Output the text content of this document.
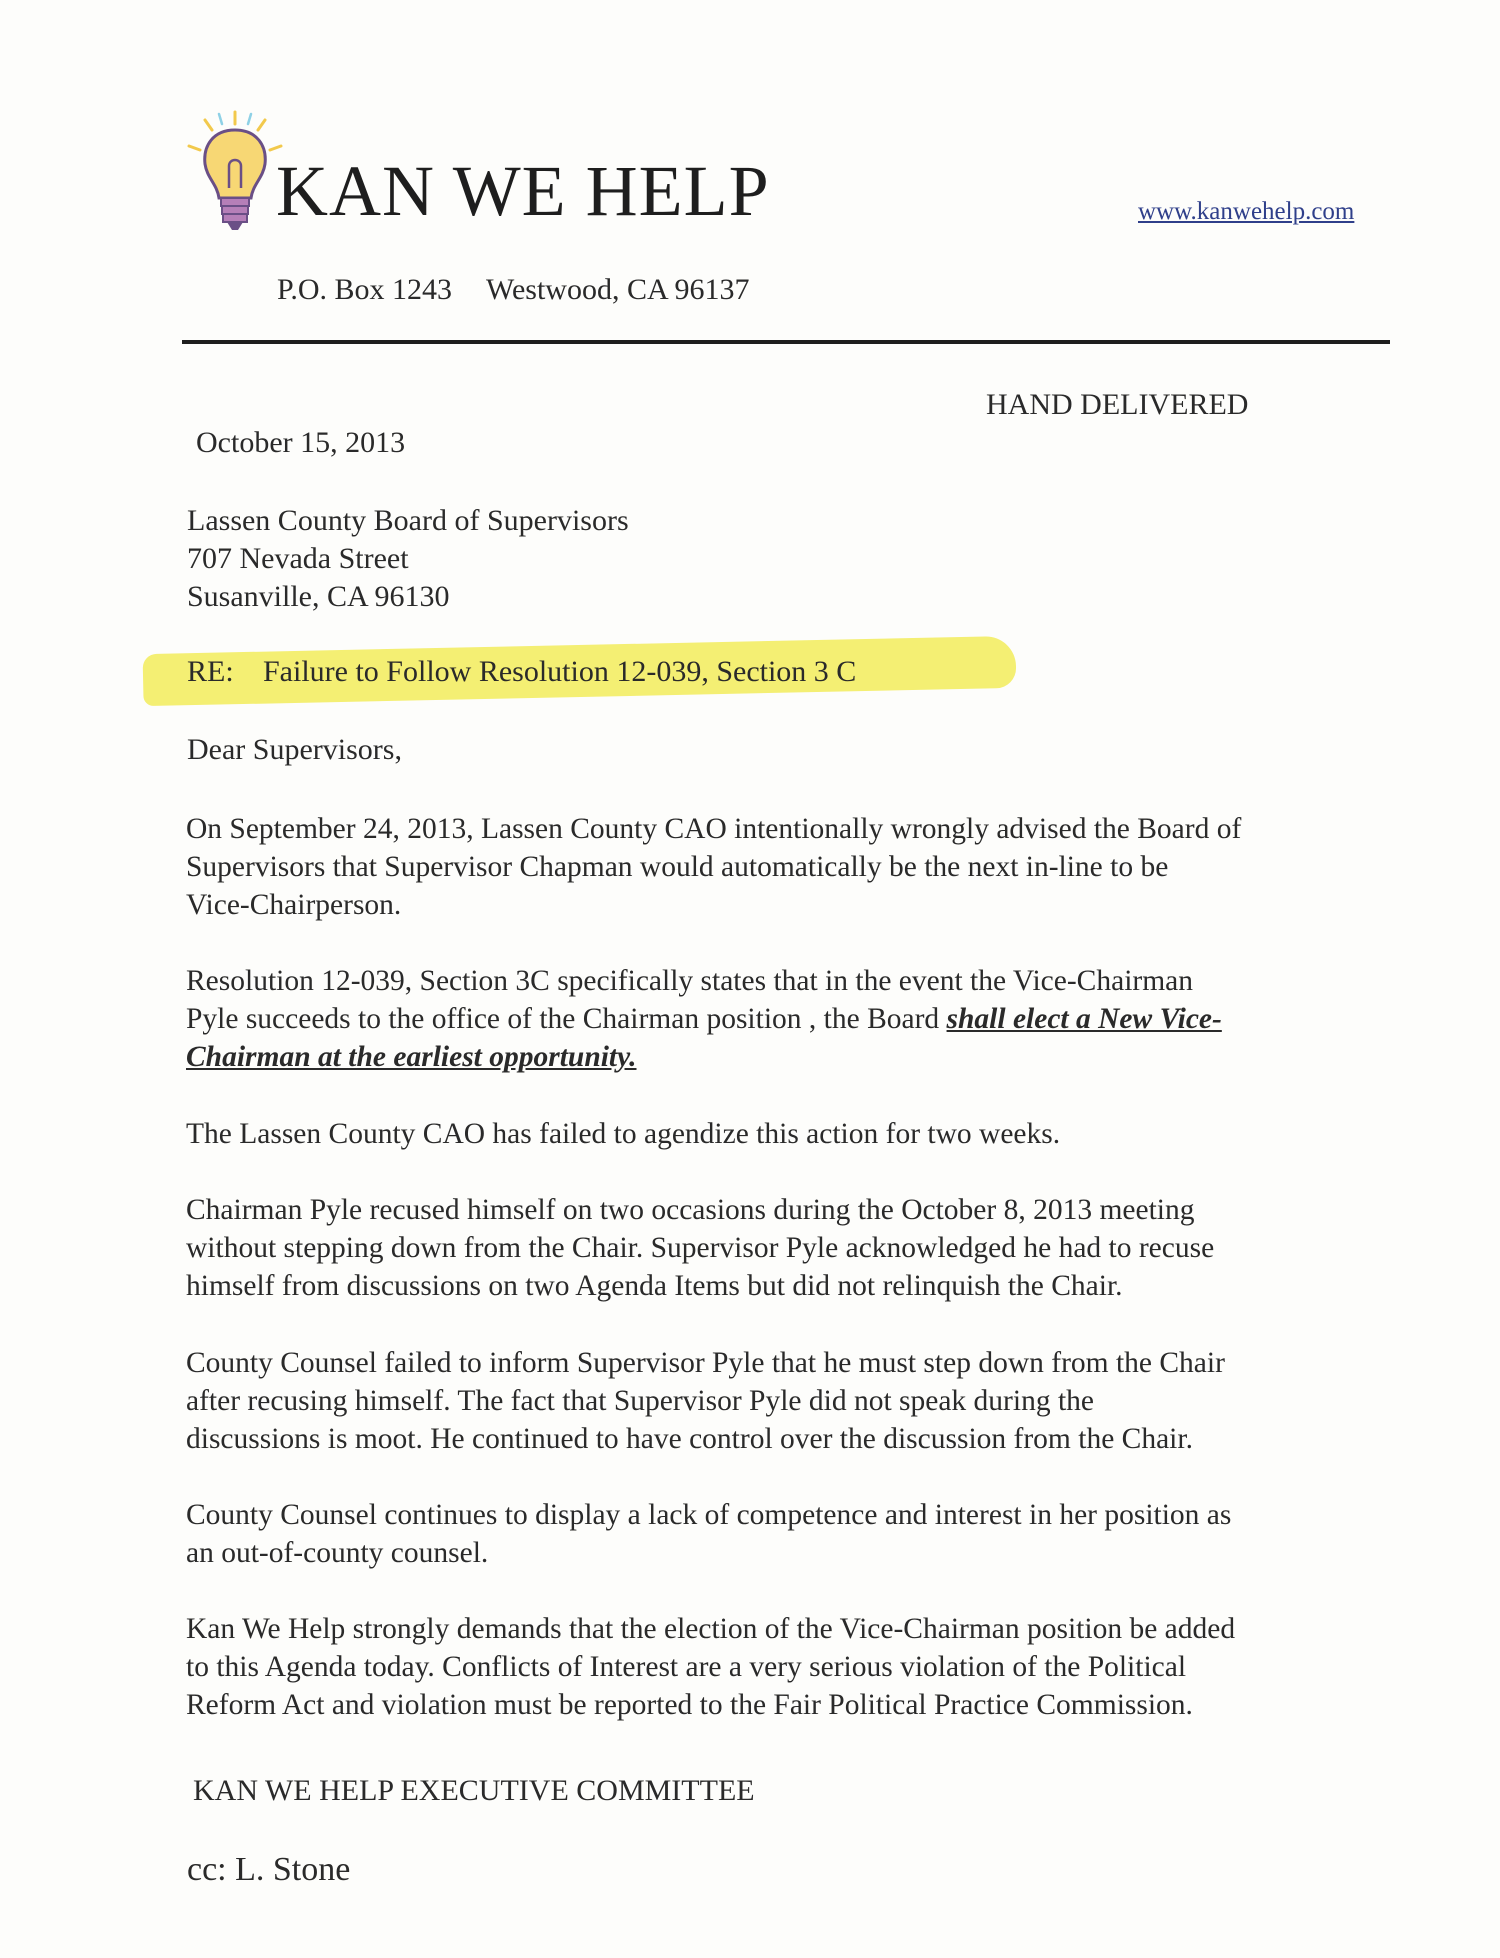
KAN WE HELP	www.kanwehelp.com
P.O. Box 1243 Westwood, CA 96137
HAND DELIVERED
October 15, 2013
Lassen County Board of Supervisors
707 Nevada Street
Susanville, CA 96130
RE: Failure to Follow Resolution 12-039, Section 3 C
Dear Supervisors,
On September 24, 2013, Lassen County CAO intentionally wrongly advised the Board of
Supervisors that Supervisor Chapman would automatically be the next in-line to be
Vice-Chairperson.
Resolution 12-039, Section 3C specifically states that in the event the Vice-Chairman
Pyle succeeds to the office of the Chairman position , the Board shall elect a New Vice-
Chairman at the earliest opportunity.
The Lassen County CAO has failed to agendize this action for two weeks.
Chairman Pyle recused himself on two occasions during the October 8, 2013 meeting
without stepping down from the Chair. Supervisor Pyle acknowledged he had to recuse
himself from discussions on two Agenda Items but did not relinquish the Chair.
County Counsel failed to inform Supervisor Pyle that he must step down from the Chair
after recusing himself. The fact that Supervisor Pyle did not speak during the
discussions is moot. He continued to have control over the discussion from the Chair.
County Counsel continues to display a lack of competence and interest in her position as
an out-of-county counsel.
Kan We Help strongly demands that the election of the Vice-Chairman position be added
to this Agenda today. Conflicts of Interest are a very serious violation of the Political
Reform Act and violation must be reported to the Fair Political Practice Commission.
KAN WE HELP EXECUTIVE COMMITTEE
cc: L. Stone
